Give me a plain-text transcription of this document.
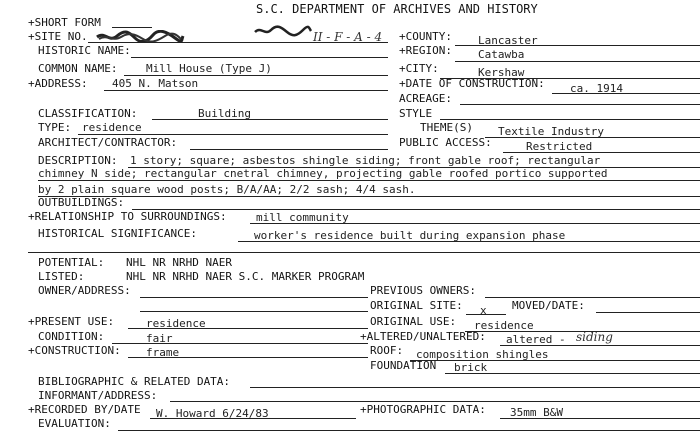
S.C. DEPARTMENT OF ARCHIVES AND HISTORY
+SHORT FORM
+SITE NO.	II - F - A - 4 +COUNTY: Lancaster
HISTORIC NAME:	+REGION: Catawba
COMMON NAME:	Mill House (Type J)	+CITY:	Kershaw
+ADDRESS: 405 N. Matson	+DATE OF CONSTRUCTION: ca. 1914
ACREAGE:
CLASSIFICATION:	Building	STYLE
TYPE: residence	THEME(S) Textile Industry
ARCHITECT/CONTRACTOR:	PUBLIC ACCESS:	Restricted
DESCRIPTION: 1 story; square; asbestos shingle siding; front gable roof; rectangular
chimney N side; rectangular cnetral chimney, projecting gable roofed portico supported
by 2 plain square wood posts; B/A/AA; 2/2 sash; 4/4 sash.
OUTBUILDINGS:
+RELATIONSHIP TO SURROUNDINGS:	mill community
HISTORICAL SIGNIFICANCE:	worker's residence built during expansion phase
POTENTIAL: NHL NR NRHD NAER
LISTED:	NHL NR NRHD NAER S.C. MARKER PROGRAM
OWNER/ADDRESS:	PREVIOUS OWNERS:
ORIGINAL SITE: x MOVED/DATE:
+PRESENT USE:	residence	ORIGINAL USE: residence
CONDITION:	fair	+ALTERED/UNALTERED: altered - siding
+CONSTRUCTION: frame	ROOF: composition shingles
FOUNDATION brick
BIBLIOGRAPHIC & RELATED DATA:
INFORMANT/ADDRESS:
+RECORDED BY/DATE W. Howard 6/24/83	+PHOTOGRAPHIC DATA: 35mm B&W
EVALUATION:
